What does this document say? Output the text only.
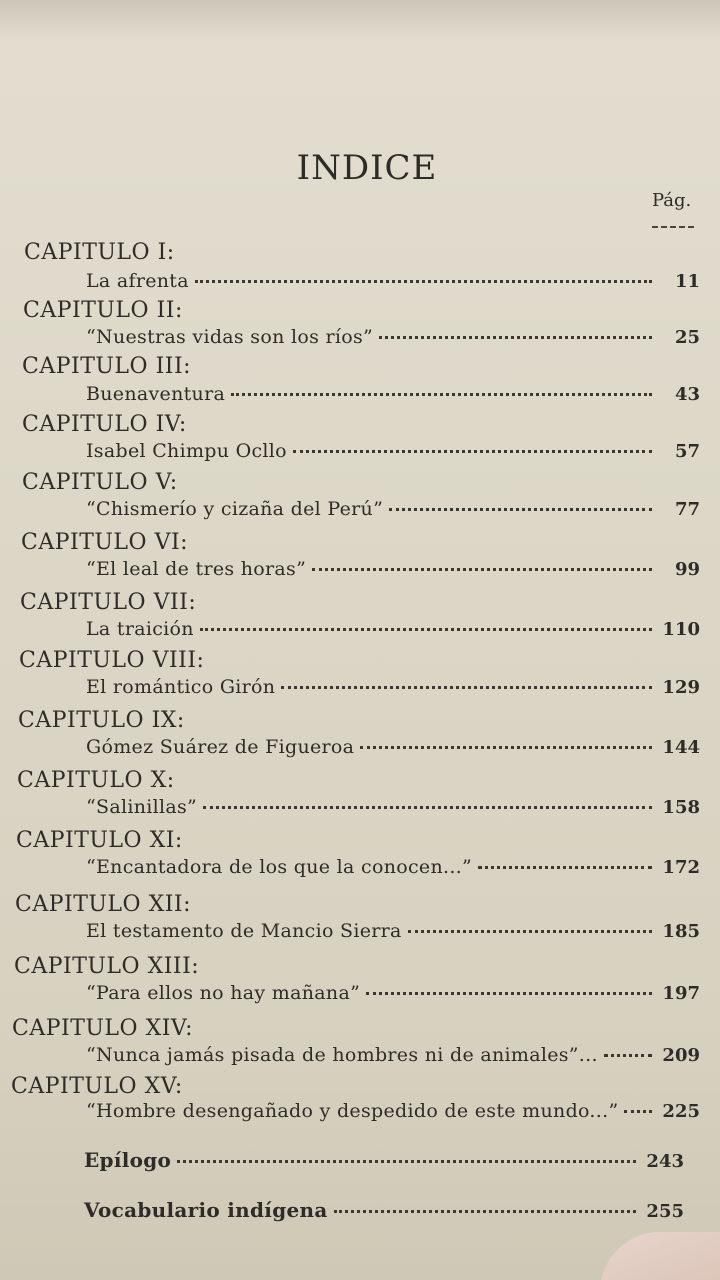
INDICE
Pág.
CAPITULO I:
La afrenta	11
CAPITULO II:
“Nuestras vidas son los ríos”	25
CAPITULO III:
Buenaventura	43
CAPITULO IV:
Isabel Chimpu Ocllo	57
CAPITULO V:
“Chismerío y cizaña del Perú”	77
CAPITULO VI:
“El leal de tres horas”	99
CAPITULO VII:
La traición	110
CAPITULO VIII:
El romántico Girón	129
CAPITULO IX:
Gómez Suárez de Figueroa	144
CAPITULO X:
“Salinillas”	158
CAPITULO XI:
“Encantadora de los que la conocen...”	172
CAPITULO XII:
El testamento de Mancio Sierra	185
CAPITULO XIII:
“Para ellos no hay mañana”	197
CAPITULO XIV:
“Nunca jamás pisada de hombres ni de animales”...	209
CAPITULO XV:
“Hombre desengañado y despedido de este mundo...” 225
Epílogo	243
Vocabulario indígena	255
